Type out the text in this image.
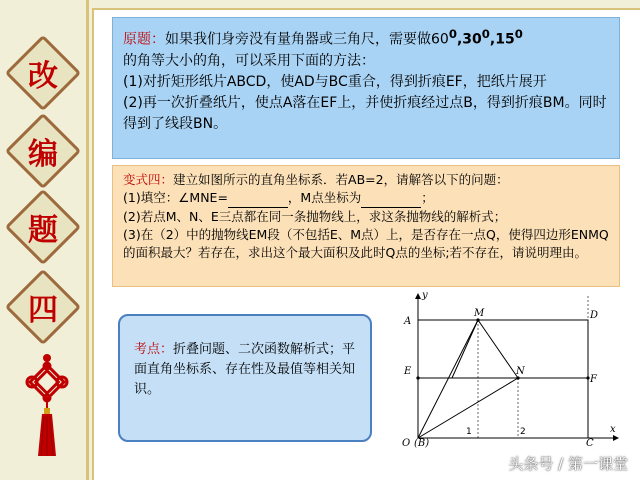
改
编
题
四
原题：如果我们身旁没有量角器或三角尺，需要做$60^0,30^0,15^0$
的角等大小的角，可以采用下面的方法：
(1)对折矩形纸片ABCD，使AD与BC重合，得到折痕EF，把纸片展开
(2)再一次折叠纸片，使点A落在EF上，并使折痕经过点B，得到折痕BM。同时得到了线段BN。
变式四：建立如图所示的直角坐标系．若AB=2，请解答以下的问题：
(1)填空：∠MNE=	，M点坐标为	；
(2)若点M、N、E三点都在同一条抛物线上，求这条抛物线的解析式；
(3)在（2）中的抛物线EM段（不包括E、M点）上，是否存在一点Q，使得四边形ENMQ的面积最大？若存在，求出这个最大面积及此时Q点的坐标;若不存在，请说明理由。
考点：折叠问题、二次函数解析式；平面直角坐标系、存在性及最值等相关知识。
y
x
A
M	D
E	N
F
O (B)	C
1	2
头条号 / 第一课堂
